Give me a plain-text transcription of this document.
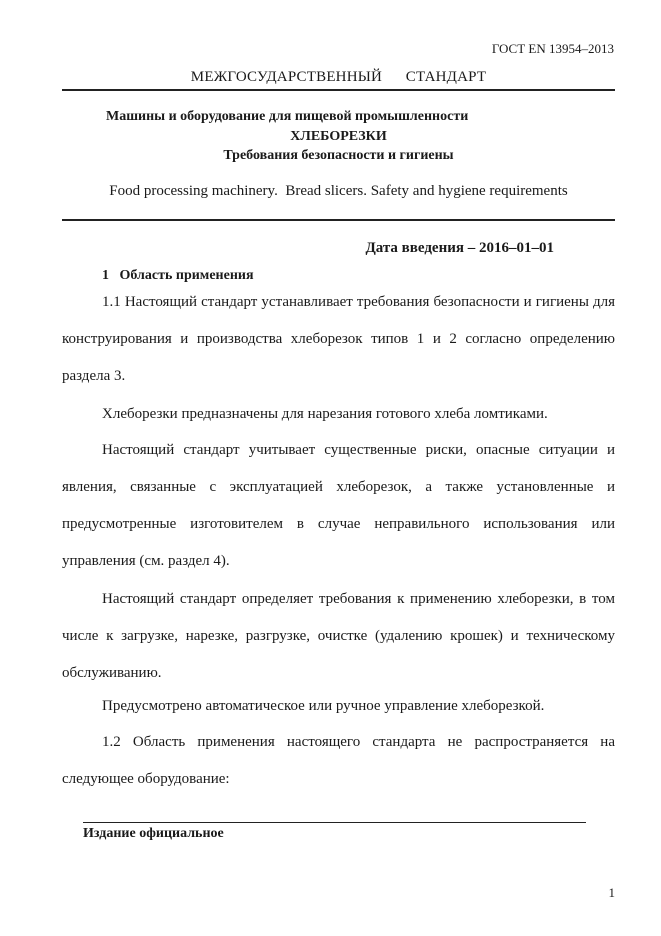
ГОСТ EN 13954–2013
МЕЖГОСУДАРСТВЕННЫЙ      СТАНДАРТ
Машины и оборудование для пищевой промышленности
ХЛЕБОРЕЗКИ
Требования безопасности и гигиены
Food processing machinery.  Bread slicers. Safety and hygiene requirements
Дата введения – 2016–01–01
1   Область применения

1.1 Настоящий стандарт устанавливает требования безопасности и гигиены для конструирования и производства хлеборезок типов 1 и 2 согласно определению раздела 3.

Хлеборезки предназначены для нарезания готового хлеба ломтиками.

Настоящий стандарт учитывает существенные риски, опасные ситуации и явления, связанные с эксплуатацией хлеборезок, а также установленные и предусмотренные изготовителем в случае неправильного использования или управления (см. раздел 4).

Настоящий стандарт определяет требования к применению хлеборезки, в том числе к загрузке, нарезке, разгрузке, очистке (удалению крошек) и техническому обслуживанию.

Предусмотрено автоматическое или ручное управление хлеборезкой.

1.2 Область применения настоящего стандарта не распространяется на следующее оборудование:

Издание официальное
1
